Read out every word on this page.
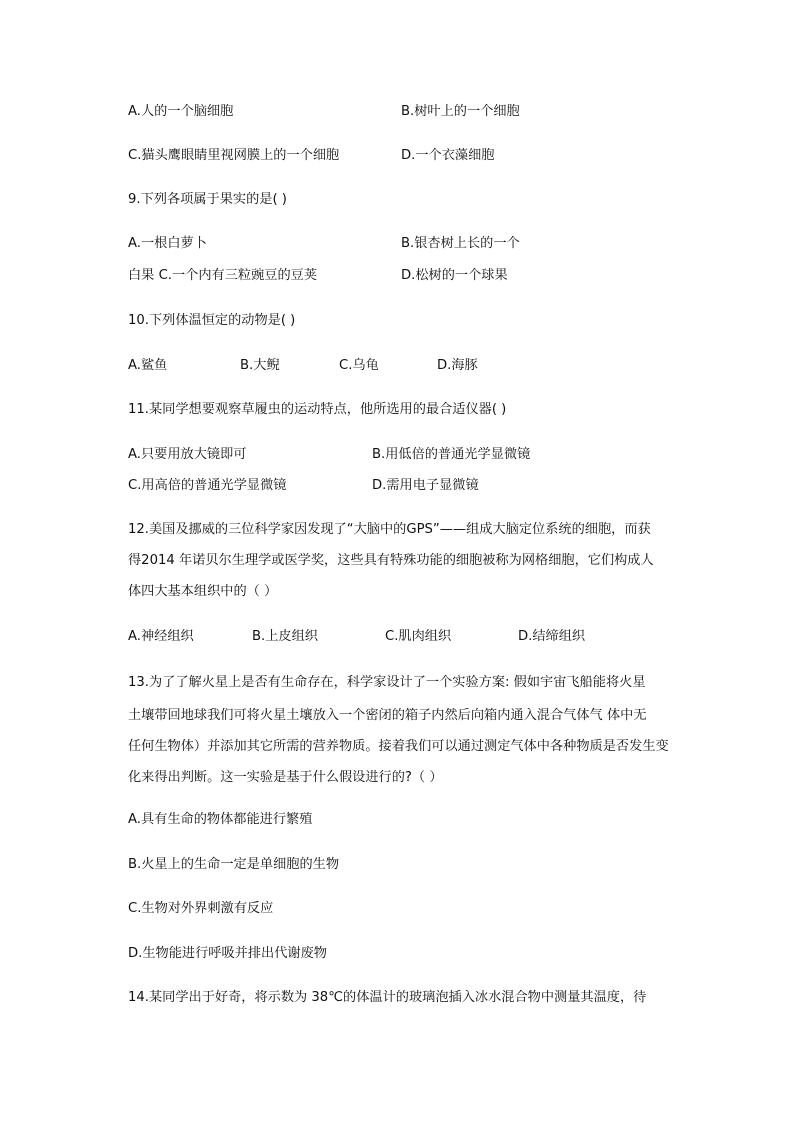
A.人的一个脑细胞	B.树叶上的一个细胞
C.猫头鹰眼睛里视网膜上的一个细胞	D.一个衣藻细胞
9.下列各项属于果实的是( )
A.一根白萝卜	B.银杏树上长的一个
白果 C.一个内有三粒豌豆的豆荚	D.松树的一个球果
10.下列体温恒定的动物是( )
A.鲨鱼	B.大鲵	C.乌龟	D.海豚
11.某同学想要观察草履虫的运动特点，他所选用的最合适仪器( )
A.只要用放大镜即可	B.用低倍的普通光学显微镜
C.用高倍的普通光学显微镜	D.需用电子显微镜
12.美国及挪威的三位科学家因发现了“大脑中的GPS”——组成大脑定位系统的细胞，而获
得2014 年诺贝尔生理学或医学奖，这些具有特殊功能的细胞被称为网格细胞，它们构成人
体四大基本组织中的（ ）
A.神经组织	B.上皮组织	C.肌肉组织	D.结缔组织
13.为了了解火星上是否有生命存在，科学家设计了一个实验方案: 假如宇宙飞船能将火星
土壤带回地球我们可将火星土壤放入一个密闭的箱子内然后向箱内通入混合气体气 体中无
任何生物体）并添加其它所需的营养物质。接着我们可以通过测定气体中各种物质是否发生变
化来得出判断。这一实验是基于什么假设进行的?（ ）
A.具有生命的物体都能进行繁殖
B.火星上的生命一定是单细胞的生物
C.生物对外界刺激有反应
D.生物能进行呼吸并排出代谢废物
14.某同学出于好奇，将示数为 38℃的体温计的玻璃泡插入冰水混合物中测量其温度，待
